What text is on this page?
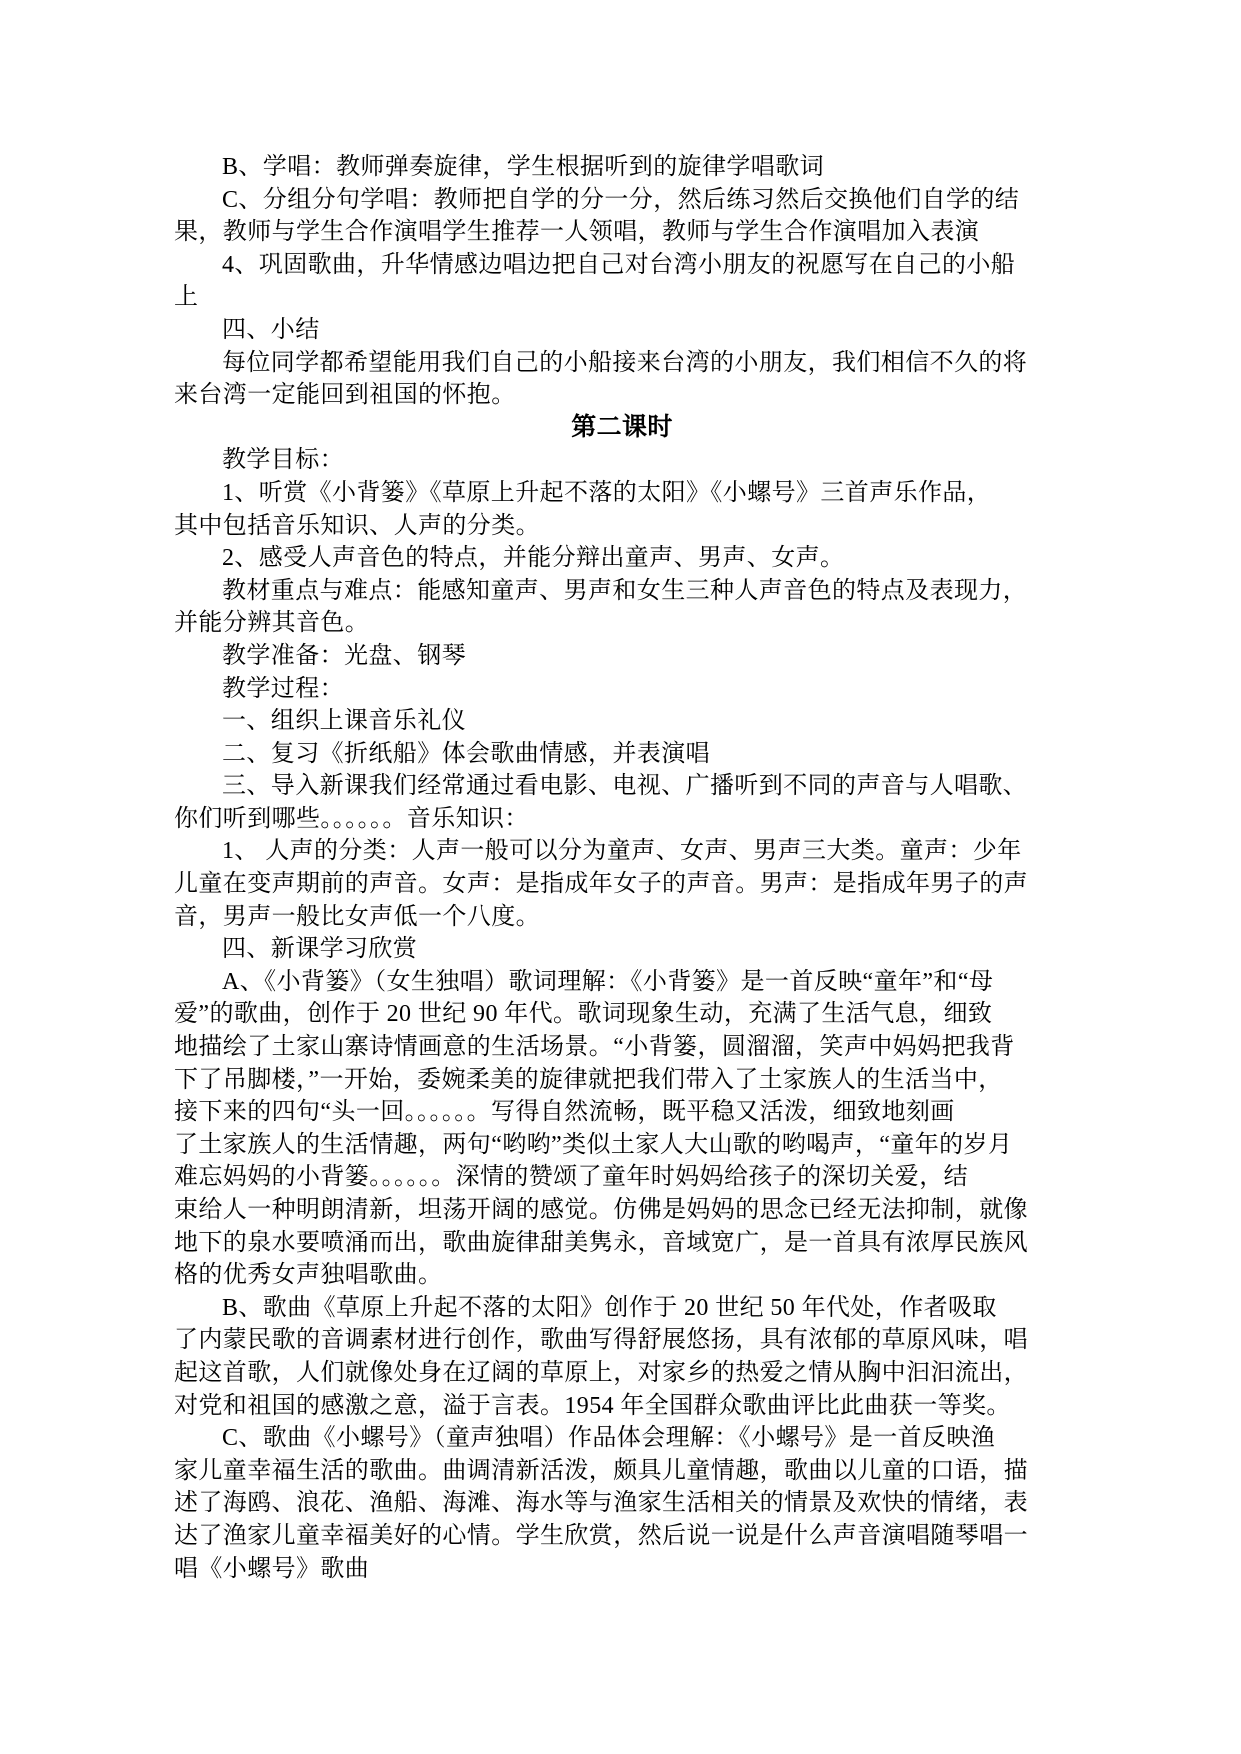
B、学唱：教师弹奏旋律，学生根据听到的旋律学唱歌词
C、分组分句学唱：教师把自学的分一分，然后练习然后交换他们自学的结
果，教师与学生合作演唱学生推荐一人领唱，教师与学生合作演唱加入表演
4、巩固歌曲，升华情感边唱边把自己对台湾小朋友的祝愿写在自己的小船
上
四、小结
每位同学都希望能用我们自己的小船接来台湾的小朋友，我们相信不久的将
来台湾一定能回到祖国的怀抱。
第二课时
教学目标：
1、听赏《小背篓》《草原上升起不落的太阳》《小螺号》三首声乐作品，
其中包括音乐知识、人声的分类。
2、感受人声音色的特点，并能分辩出童声、男声、女声。
教材重点与难点：能感知童声、男声和女生三种人声音色的特点及表现力，
并能分辨其音色。
教学准备：光盘、钢琴
教学过程：
一、组织上课音乐礼仪
二、复习《折纸船》体会歌曲情感，并表演唱
三、导入新课我们经常通过看电影、电视、广播听到不同的声音与人唱歌、
你们听到哪些。。。。。。音乐知识：
1、 人声的分类：人声一般可以分为童声、女声、男声三大类。童声：少年
儿童在变声期前的声音。女声：是指成年女子的声音。男声：是指成年男子的声
音，男声一般比女声低一个八度。
四、新课学习欣赏
A、《小背篓》（女生独唱）歌词理解：《小背篓》是一首反映“童年”和“母
爱”的歌曲，创作于 20 世纪 90 年代。歌词现象生动，充满了生活气息，细致
地描绘了土家山寨诗情画意的生活场景。“小背篓，圆溜溜，笑声中妈妈把我背
下了吊脚楼，”一开始，委婉柔美的旋律就把我们带入了土家族人的生活当中，
接下来的四句“头一回。。。。。。写得自然流畅，既平稳又活泼，细致地刻画
了土家族人的生活情趣，两句“哟哟”类似土家人大山歌的哟喝声，“童年的岁月
难忘妈妈的小背篓。。。。。。深情的赞颂了童年时妈妈给孩子的深切关爱，结
束给人一种明朗清新，坦荡开阔的感觉。仿佛是妈妈的思念已经无法抑制，就像
地下的泉水要喷涌而出，歌曲旋律甜美隽永，音域宽广，是一首具有浓厚民族风
格的优秀女声独唱歌曲。
B、歌曲《草原上升起不落的太阳》创作于 20 世纪 50 年代处，作者吸取
了内蒙民歌的音调素材进行创作，歌曲写得舒展悠扬，具有浓郁的草原风味，唱
起这首歌，人们就像处身在辽阔的草原上，对家乡的热爱之情从胸中汩汩流出，
对党和祖国的感激之意，溢于言表。1954 年全国群众歌曲评比此曲获一等奖。
C、歌曲《小螺号》（童声独唱）作品体会理解：《小螺号》是一首反映渔
家儿童幸福生活的歌曲。曲调清新活泼，颇具儿童情趣，歌曲以儿童的口语，描
述了海鸥、浪花、渔船、海滩、海水等与渔家生活相关的情景及欢快的情绪，表
达了渔家儿童幸福美好的心情。学生欣赏，然后说一说是什么声音演唱随琴唱一
唱《小螺号》歌曲
